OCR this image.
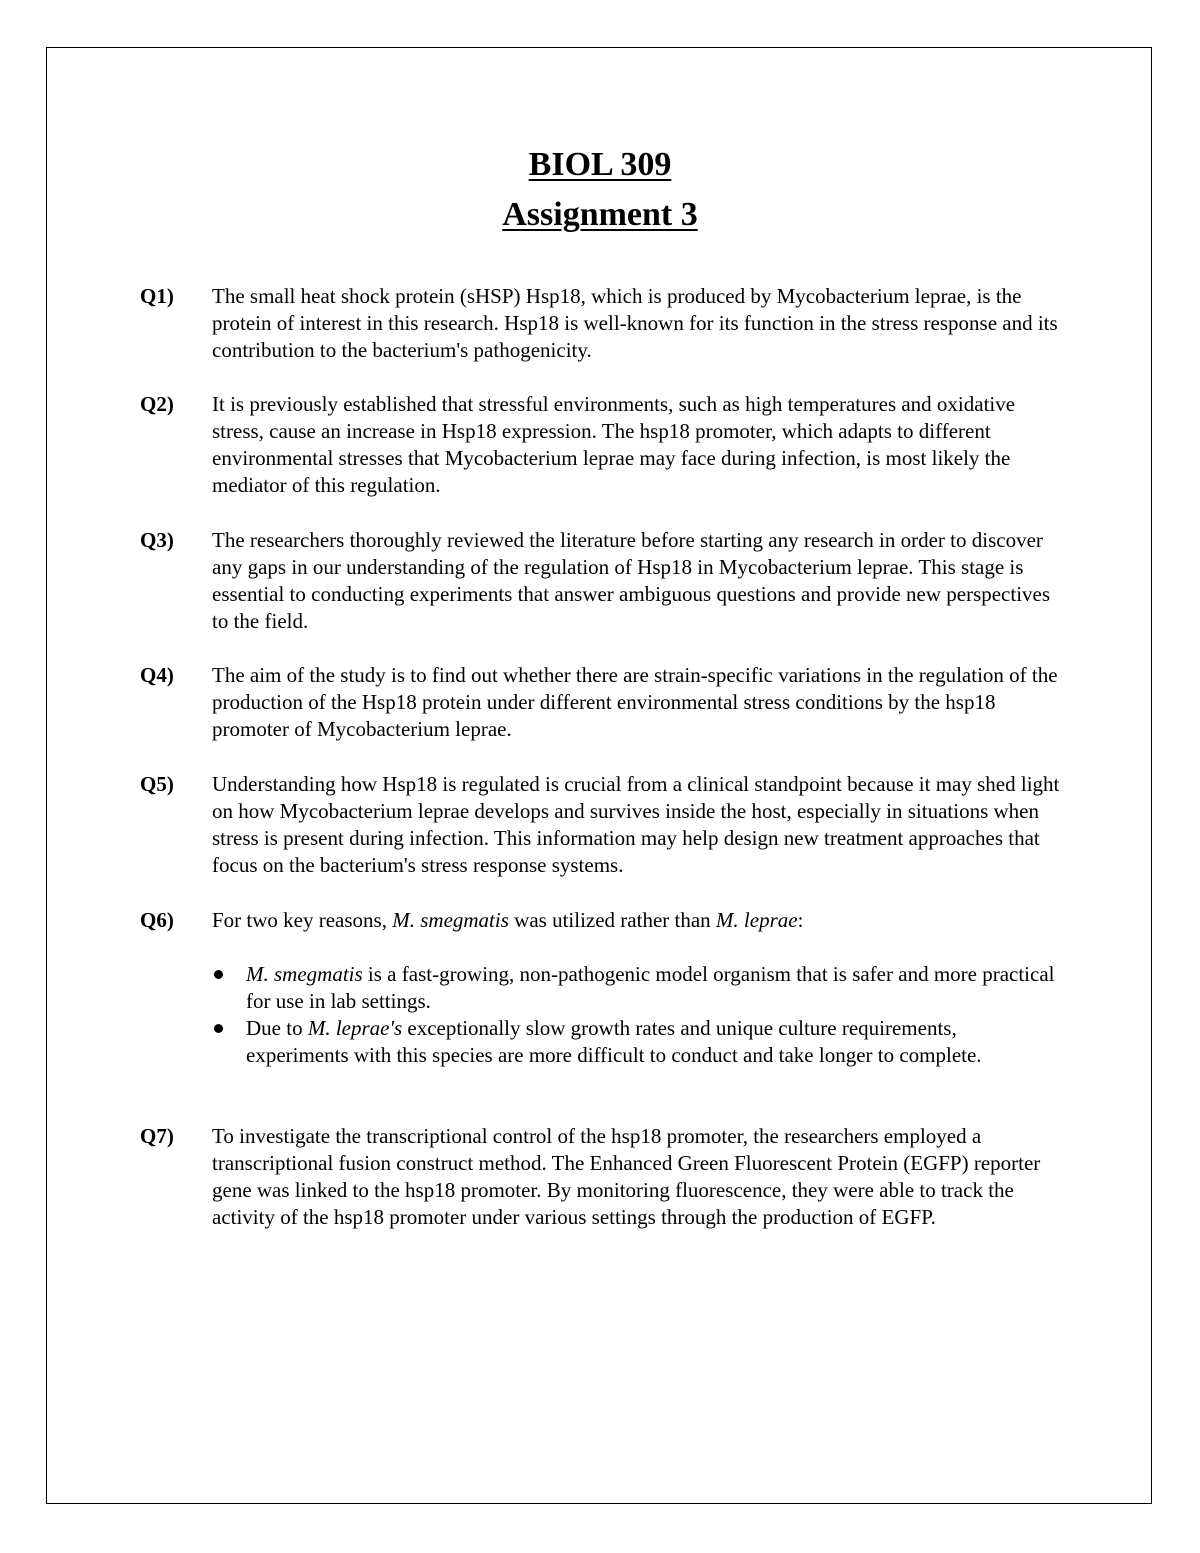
BIOL 309
Assignment 3
Q1) The small heat shock protein (sHSP) Hsp18, which is produced by Mycobacterium leprae, is the protein of interest in this research. Hsp18 is well-known for its function in the stress response and its contribution to the bacterium's pathogenicity.
Q2) It is previously established that stressful environments, such as high temperatures and oxidative stress, cause an increase in Hsp18 expression. The hsp18 promoter, which adapts to different environmental stresses that Mycobacterium leprae may face during infection, is most likely the mediator of this regulation.
Q3) The researchers thoroughly reviewed the literature before starting any research in order to discover any gaps in our understanding of the regulation of Hsp18 in Mycobacterium leprae. This stage is essential to conducting experiments that answer ambiguous questions and provide new perspectives to the field.
Q4) The aim of the study is to find out whether there are strain-specific variations in the regulation of the production of the Hsp18 protein under different environmental stress conditions by the hsp18 promoter of Mycobacterium leprae.
Q5) Understanding how Hsp18 is regulated is crucial from a clinical standpoint because it may shed light on how Mycobacterium leprae develops and survives inside the host, especially in situations when stress is present during infection. This information may help design new treatment approaches that focus on the bacterium's stress response systems.
Q6) For two key reasons, M. smegmatis was utilized rather than M. leprae:
M. smegmatis is a fast-growing, non-pathogenic model organism that is safer and more practical for use in lab settings.
Due to M. leprae's exceptionally slow growth rates and unique culture requirements, experiments with this species are more difficult to conduct and take longer to complete.
Q7) To investigate the transcriptional control of the hsp18 promoter, the researchers employed a transcriptional fusion construct method. The Enhanced Green Fluorescent Protein (EGFP) reporter gene was linked to the hsp18 promoter. By monitoring fluorescence, they were able to track the activity of the hsp18 promoter under various settings through the production of EGFP.
